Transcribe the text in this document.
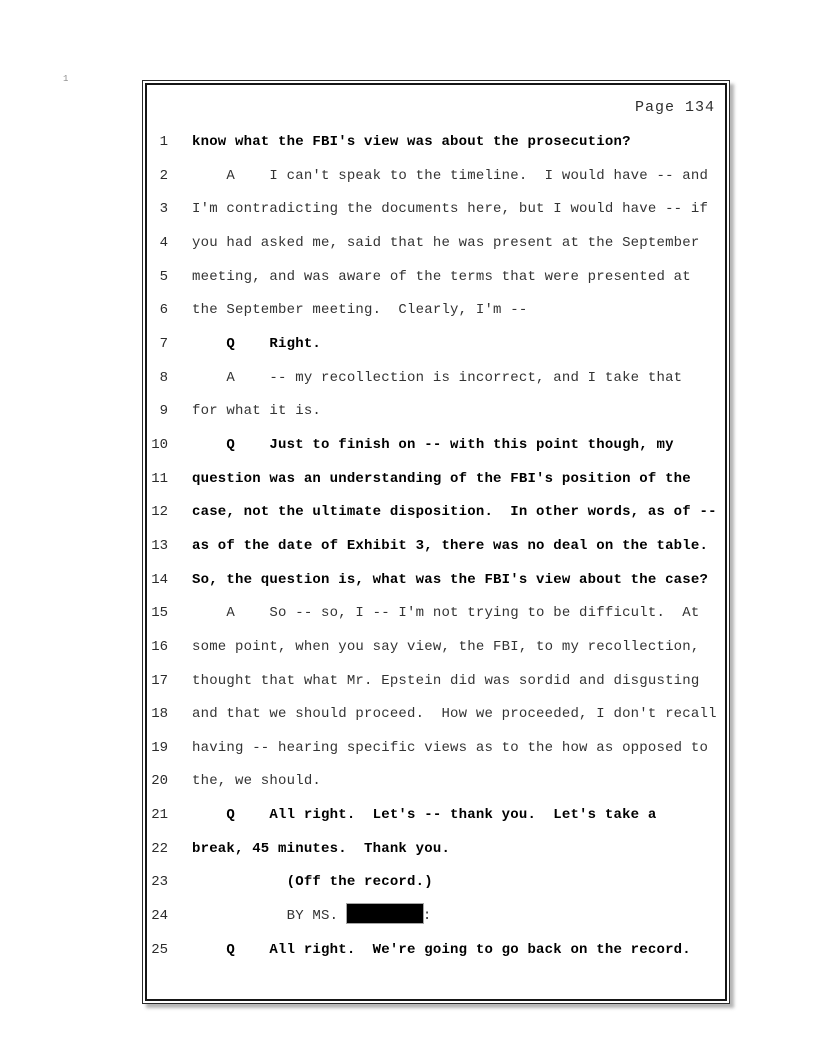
1
Page 134
1 know what the FBI's view was about the prosecution?
2 A    I can't speak to the timeline.  I would have -- and
3 I'm contradicting the documents here, but I would have -- if
4 you had asked me, said that he was present at the September
5 meeting, and was aware of the terms that were presented at
6 the September meeting.  Clearly, I'm --
7 Q    Right.
8 A    -- my recollection is incorrect, and I take that
9 for what it is.
10 Q    Just to finish on -- with this point though, my
11 question was an understanding of the FBI's position of the
12 case, not the ultimate disposition.  In other words, as of --
13 as of the date of Exhibit 3, there was no deal on the table.
14 So, the question is, what was the FBI's view about the case?
15 A    So -- so, I -- I'm not trying to be difficult.  At
16 some point, when you say view, the FBI, to my recollection,
17 thought that what Mr. Epstein did was sordid and disgusting
18 and that we should proceed.  How we proceeded, I don't recall
19 having -- hearing specific views as to the how as opposed to
20 the, we should.
21 Q    All right.  Let's -- thank you.  Let's take a
22 break, 45 minutes.  Thank you.
23 (Off the record.)
24 BY MS.	:
25 Q    All right.  We're going to go back on the record.
